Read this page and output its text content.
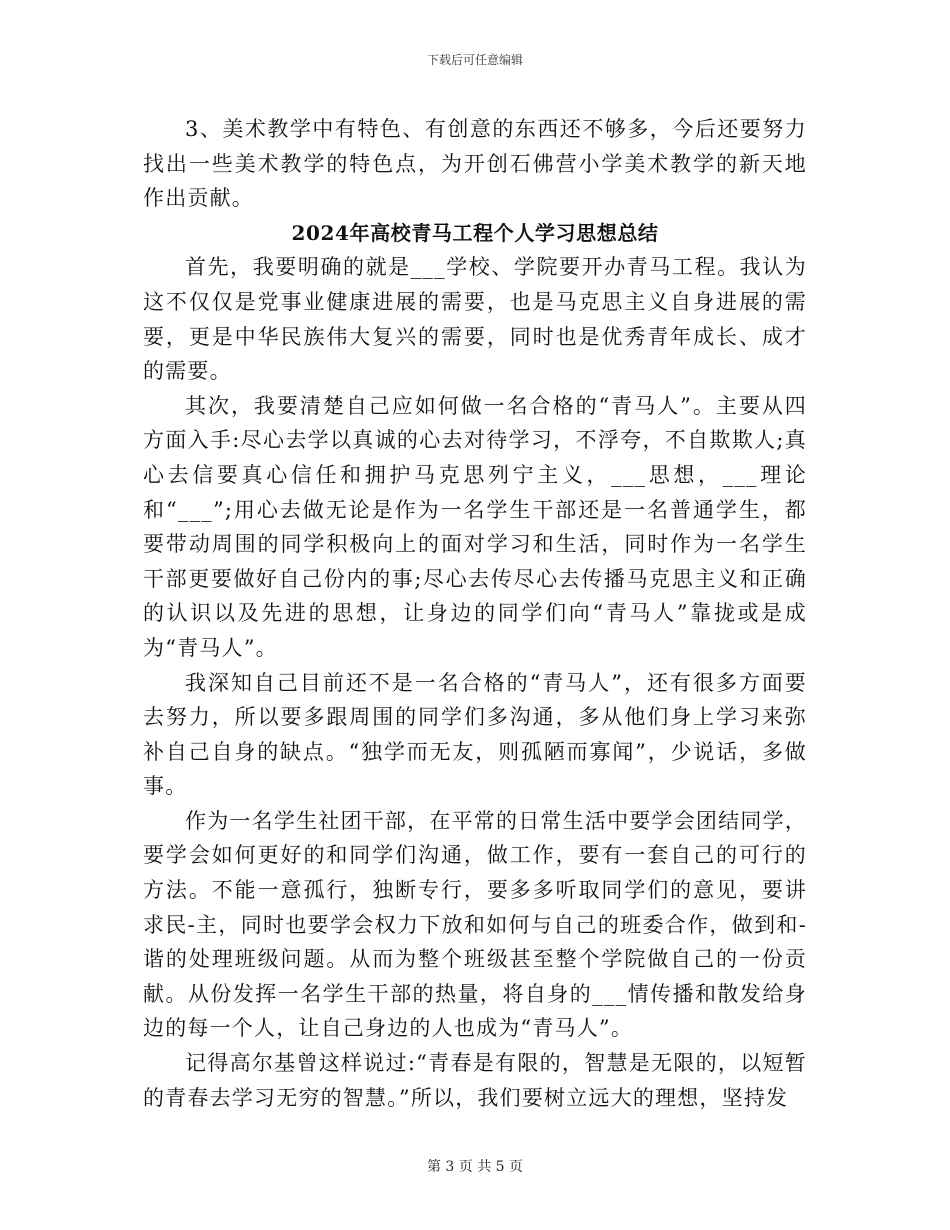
下载后可任意编辑

3、美术教学中有特色、有创意的东西还不够多，今后还要努力找出一些美术教学的特色点，为开创石佛营小学美术教学的新天地作出贡献。

2024年高校青马工程个人学习思想总结

首先，我要明确的就是___学校、学院要开办青马工程。我认为这不仅仅是党事业健康进展的需要，也是马克思主义自身进展的需要，更是中华民族伟大复兴的需要，同时也是优秀青年成长、成才的需要。

其次，我要清楚自己应如何做一名合格的“青马人”。主要从四方面入手:尽心去学以真诚的心去对待学习，不浮夸，不自欺欺人;真心去信要真心信任和拥护马克思列宁主义，___思想，___理论和“___”;用心去做无论是作为一名学生干部还是一名普通学生，都要带动周围的同学积极向上的面对学习和生活，同时作为一名学生干部更要做好自己份内的事;尽心去传尽心去传播马克思主义和正确的认识以及先进的思想，让身边的同学们向“青马人”靠拢或是成为“青马人”。

我深知自己目前还不是一名合格的“青马人”，还有很多方面要去努力，所以要多跟周围的同学们多沟通，多从他们身上学习来弥补自己自身的缺点。“独学而无友，则孤陋而寡闻”，少说话，多做事。

作为一名学生社团干部，在平常的日常生活中要学会团结同学，要学会如何更好的和同学们沟通，做工作，要有一套自己的可行的方法。不能一意孤行，独断专行，要多多听取同学们的意见，要讲求民-主，同时也要学会权力下放和如何与自己的班委合作，做到和-谐的处理班级问题。从而为整个班级甚至整个学院做自己的一份贡献。从份发挥一名学生干部的热量，将自身的___情传播和散发给身边的每一个人，让自己身边的人也成为“青马人”。

记得高尔基曾这样说过:“青春是有限的，智慧是无限的，以短暂的青春去学习无穷的智慧。”所以，我们要树立远大的理想，坚持发

第 3 页 共 5 页
